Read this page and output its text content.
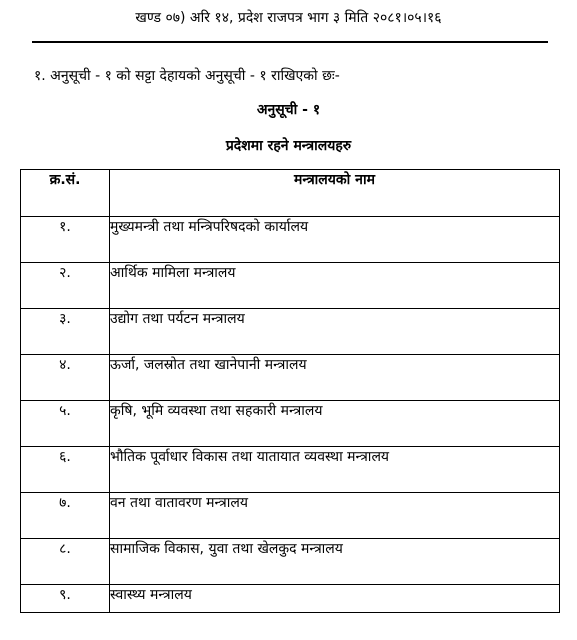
खण्ड ०७) अरि १४, प्रदेश राजपत्र भाग ३ मिति २०८१।०५।१६
१. अनुसूची - १ को सट्टा देहायको अनुसूची - १ राखिएको छः-
अनुसूची - १
प्रदेशमा रहने मन्त्रालयहरु
क्र.सं.	मन्त्रालयको नाम
१.	मुख्यमन्त्री तथा मन्त्रिपरिषदको कार्यालय
२.	आर्थिक मामिला मन्त्रालय
३.	उद्योग तथा पर्यटन मन्त्रालय
४.	ऊर्जा, जलस्रोत तथा खानेपानी मन्त्रालय
५.	कृषि, भूमि व्यवस्था तथा सहकारी मन्त्रालय
६.	भौतिक पूर्वाधार विकास तथा यातायात व्यवस्था मन्त्रालय
७.	वन तथा वातावरण मन्त्रालय
८.	सामाजिक विकास, युवा तथा खेलकुद मन्त्रालय
९.	स्वास्थ्य मन्त्रालय
